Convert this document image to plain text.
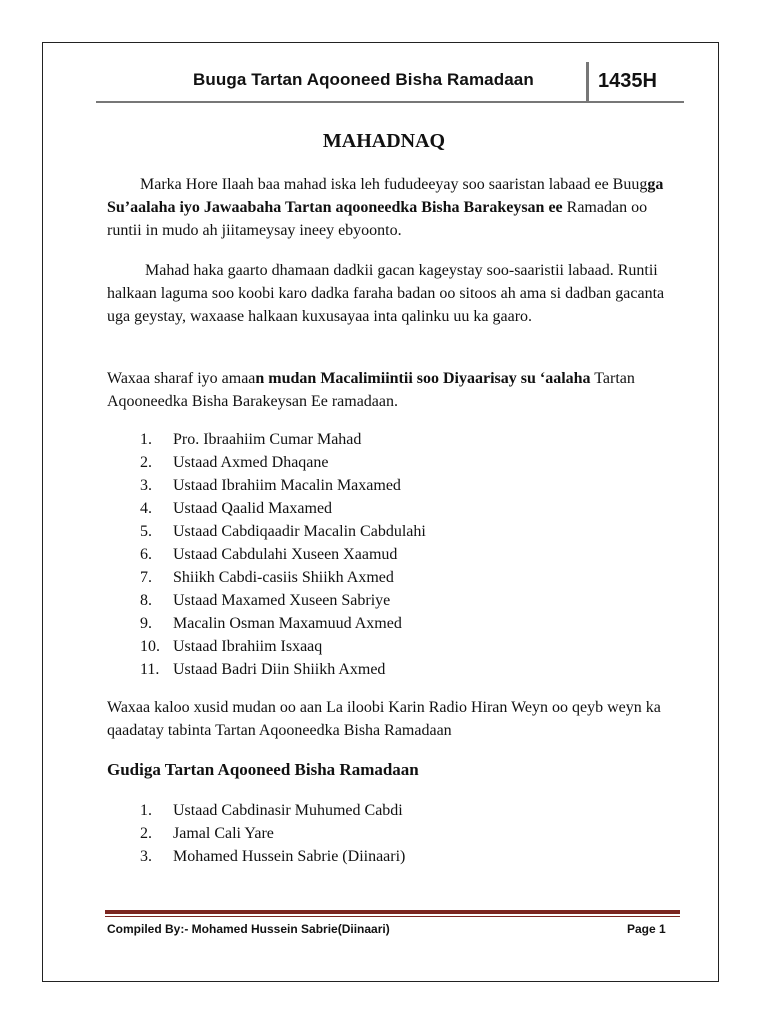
Buuga Tartan Aqooneed Bisha Ramadaan	1435H
MAHADNAQ

Marka Hore Ilaah baa mahad iska leh fududeeyay soo saaristan labaad ee Buugga Su’aalaha iyo Jawaabaha Tartan aqooneedka Bisha Barakeysan ee Ramadan oo runtii in mudo ah jiitameysay ineey ebyoonto.

Mahad haka gaarto dhamaan dadkii gacan kageystay soo-saaristii labaad. Runtii halkaan laguma soo koobi karo dadka faraha badan oo sitoos ah ama si dadban gacanta uga geystay, waxaase halkaan kuxusayaa inta qalinku uu ka gaaro.

Waxaa sharaf iyo amaan mudan Macalimiintii soo Diyaarisay su ‘aalaha Tartan Aqooneedka Bisha Barakeysan Ee ramadaan.

1.	Pro. Ibraahiim Cumar Mahad
2.	Ustaad Axmed Dhaqane
3.	Ustaad Ibrahiim Macalin Maxamed
4.	Ustaad Qaalid Maxamed
5.	Ustaad Cabdiqaadir Macalin Cabdulahi
6.	Ustaad Cabdulahi Xuseen Xaamud
7.	Shiikh Cabdi-casiis Shiikh Axmed
8.	Ustaad Maxamed Xuseen Sabriye
9.	Macalin Osman Maxamuud Axmed
10. Ustaad Ibrahiim Isxaaq
11. Ustaad Badri Diin Shiikh Axmed

Waxaa kaloo xusid mudan oo aan La iloobi Karin Radio Hiran Weyn oo qeyb weyn ka qaadatay tabinta Tartan Aqooneedka Bisha Ramadaan

Gudiga Tartan Aqooneed Bisha Ramadaan
1.	Ustaad Cabdinasir Muhumed Cabdi
2.	Jamal Cali Yare
3.	Mohamed Hussein Sabrie (Diinaari)
Compiled By:- Mohamed Hussein Sabrie(Diinaari)	Page 1
